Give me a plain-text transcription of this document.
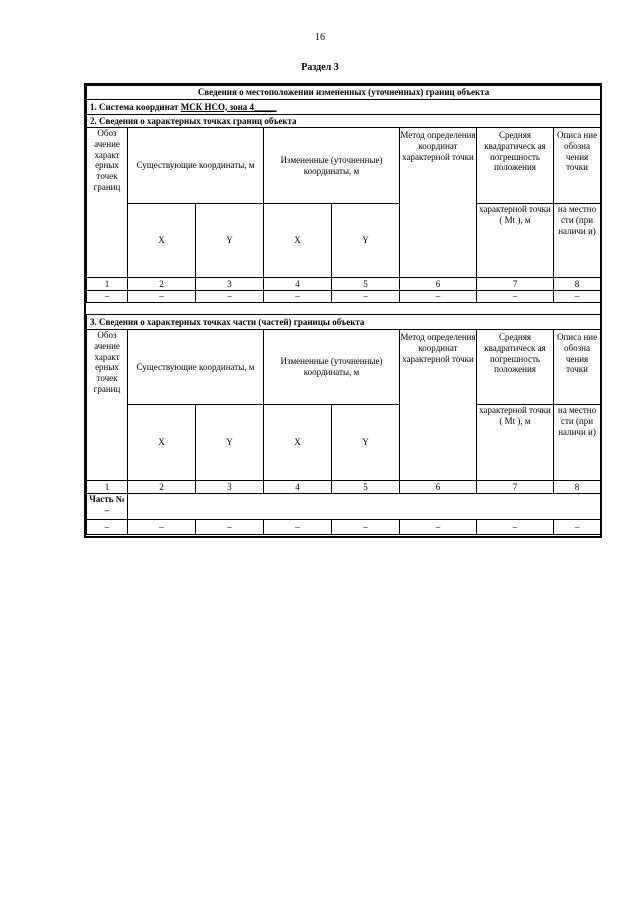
16
Раздел 3
Сведения о местоположении измененных (уточненных) границ объекта							
1. Система координат МСК НСО, зона 4_____							
2. Сведения о характерных точках границ объекта							
Обоз ачение характ ерных точек границ	Существующие координаты, м		Измененные (уточненные) координаты, м		Метод определения координат характерной точки	Средняя квадратическ ая погрешность положения	Описа ние обозна чения точки
	X	Y	X	Y		характерной точки ( Mt ), м	на местно сти (при наличи и)
1	2	3	4	5	6	7	8
–	–	–	–	–	–	–	–
3. Сведения о характерных точках части (частей) границы объекта							
Обоз ачение характ ерных точек границ	Существующие координаты, м		Измененные (уточненные) координаты, м		Метод определения координат характерной точки	Средняя квадратическ ая погрешность положения	Описа ние обозна чения точки
	X	Y	X	Y		характерной точки ( Mt ), м	на местно сти (при наличи и)
1	2	3	4	5	6	7	8
Часть № –							
–	–	–	–	–	–	–	–
